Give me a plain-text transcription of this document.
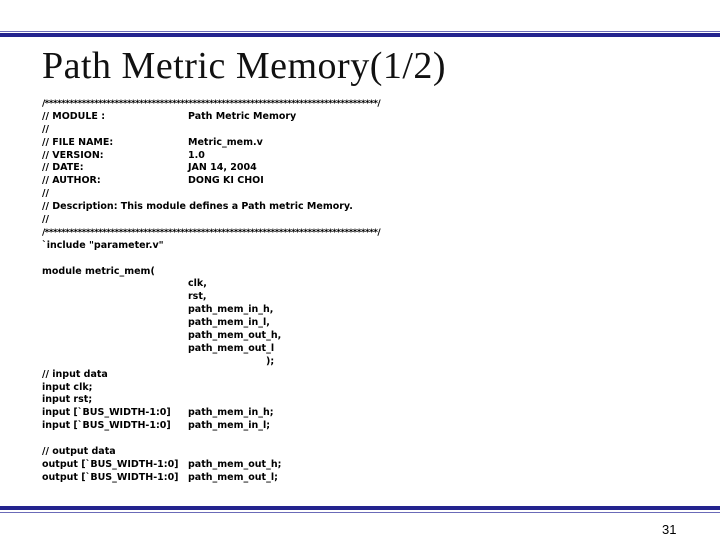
Path Metric Memory(1/2)
/*********************************************************************************/
// MODULE :	Path Metric Memory
//
// FILE NAME:	Metric_mem.v
// VERSION:	1.0
// DATE:	JAN 14, 2004
// AUTHOR:	DONG KI CHOI
//
// Description: This module defines a Path metric Memory.
//
/*********************************************************************************/
`include "parameter.v"
module metric_mem(
clk,
rst,
path_mem_in_h,
path_mem_in_l,
path_mem_out_h,
path_mem_out_l
);
// input data
input clk;
input rst;
input [`BUS_WIDTH-1:0] path_mem_in_h;
input [`BUS_WIDTH-1:0] path_mem_in_l;
// output data
output [`BUS_WIDTH-1:0] path_mem_out_h;
output [`BUS_WIDTH-1:0] path_mem_out_l;
31
